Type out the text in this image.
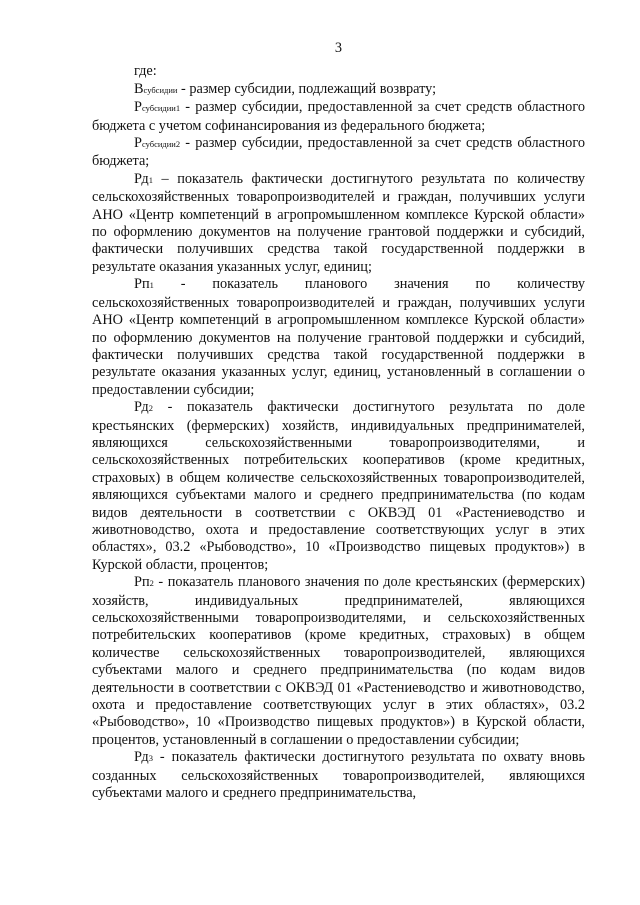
3

где:

Всубсидии - размер субсидии, подлежащий возврату;

Рсубсидии1 - размер субсидии, предоставленной за счет средств областного бюджета с учетом софинансирования из федерального бюджета;

Рсубсидии2 - размер субсидии, предоставленной за счет средств областного бюджета;

Рд1 – показатель фактически достигнутого результата по количеству сельскохозяйственных товаропроизводителей и граждан, получивших услуги АНО «Центр компетенций в агропромышленном комплексе Курской области» по оформлению документов на получение грантовой поддержки и субсидий, фактически получивших средства такой государственной поддержки в результате оказания указанных услуг, единиц;

Рп1 - показатель планового значения по количеству сельскохозяйственных товаропроизводителей и граждан, получивших услуги АНО «Центр компетенций в агропромышленном комплексе Курской области» по оформлению документов на получение грантовой поддержки и субсидий, фактически получивших средства такой государственной поддержки в результате оказания указанных услуг, единиц, установленный в соглашении о предоставлении субсидии;

Рд2 - показатель фактически достигнутого результата по доле крестьянских (фермерских) хозяйств, индивидуальных предпринимателей, являющихся сельскохозяйственными товаропроизводителями, и сельскохозяйственных потребительских кооперативов (кроме кредитных, страховых) в общем количестве сельскохозяйственных товаропроизводителей, являющихся субъектами малого и среднего предпринимательства (по кодам видов деятельности в соответствии с ОКВЭД 01 «Растениеводство и животноводство, охота и предоставление соответствующих услуг в этих областях», 03.2 «Рыбоводство», 10 «Производство пищевых продуктов») в Курской области, процентов;

Рп2 - показатель планового значения по доле крестьянских (фермерских) хозяйств, индивидуальных предпринимателей, являющихся сельскохозяйственными товаропроизводителями, и сельскохозяйственных потребительских кооперативов (кроме кредитных, страховых) в общем количестве сельскохозяйственных товаропроизводителей, являющихся субъектами малого и среднего предпринимательства (по кодам видов деятельности в соответствии с ОКВЭД 01 «Растениеводство и животноводство, охота и предоставление соответствующих услуг в этих областях», 03.2 «Рыбоводство», 10 «Производство пищевых продуктов») в Курской области, процентов, установленный в соглашении о предоставлении субсидии;

Рд3 - показатель фактически достигнутого результата по охвату вновь созданных сельскохозяйственных товаропроизводителей, являющихся субъектами малого и среднего предпринимательства,
